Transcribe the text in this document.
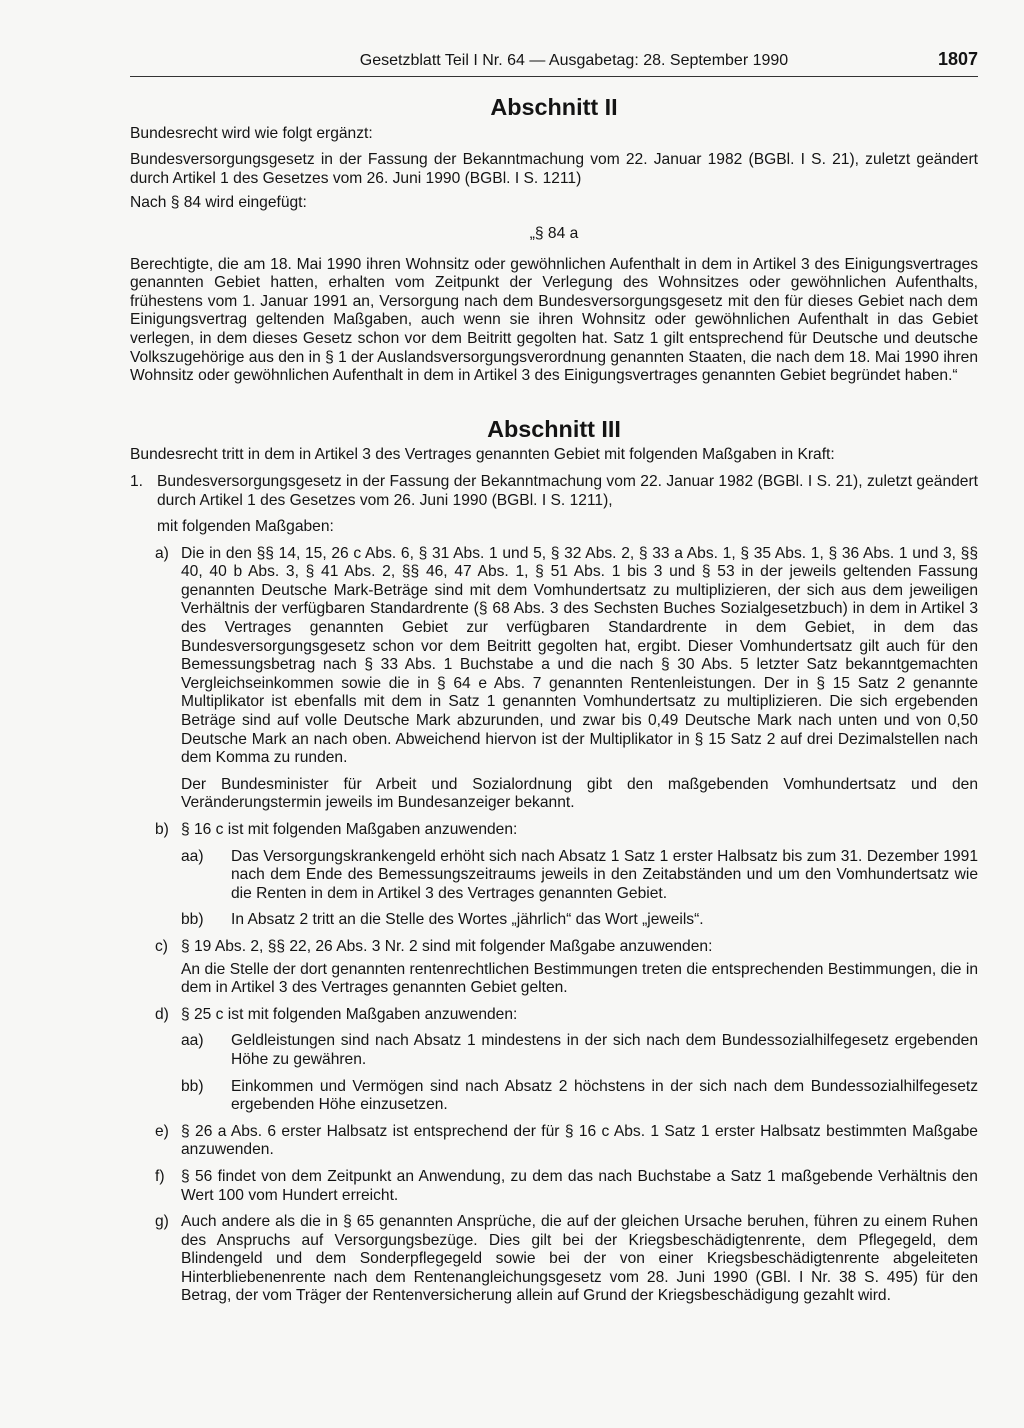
Gesetzblatt Teil I Nr. 64 — Ausgabetag: 28. September 1990	1807
Abschnitt II

Bundesrecht wird wie folgt ergänzt:

Bundesversorgungsgesetz in der Fassung der Bekanntmachung vom 22. Januar 1982 (BGBl. I S. 21), zuletzt geändert durch Artikel 1 des Gesetzes vom 26. Juni 1990 (BGBl. I S. 1211)

Nach § 84 wird eingefügt:

„§ 84 a

Berechtigte, die am 18. Mai 1990 ihren Wohnsitz oder gewöhnlichen Aufenthalt in dem in Artikel 3 des Einigungsvertrages genannten Gebiet hatten, erhalten vom Zeitpunkt der Verlegung des Wohnsitzes oder gewöhnlichen Aufenthalts, frühestens vom 1. Januar 1991 an, Versorgung nach dem Bundesversorgungsgesetz mit den für dieses Gebiet nach dem Einigungsvertrag geltenden Maßgaben, auch wenn sie ihren Wohnsitz oder gewöhnlichen Aufenthalt in das Gebiet verlegen, in dem dieses Gesetz schon vor dem Beitritt gegolten hat. Satz 1 gilt entsprechend für Deutsche und deutsche Volkszugehörige aus den in § 1 der Auslandsversorgungsverordnung genannten Staaten, die nach dem 18. Mai 1990 ihren Wohnsitz oder gewöhnlichen Aufenthalt in dem in Artikel 3 des Einigungsvertrages genannten Gebiet begründet haben.“

Abschnitt III

Bundesrecht tritt in dem in Artikel 3 des Vertrages genannten Gebiet mit folgenden Maßgaben in Kraft:

1. Bundesversorgungsgesetz in der Fassung der Bekanntmachung vom 22. Januar 1982 (BGBl. I S. 21), zuletzt geändert durch Artikel 1 des Gesetzes vom 26. Juni 1990 (BGBl. I S. 1211),

mit folgenden Maßgaben:

a) Die in den §§ 14, 15, 26 c Abs. 6, § 31 Abs. 1 und 5, § 32 Abs. 2, § 33 a Abs. 1, § 35 Abs. 1, § 36 Abs. 1 und 3, §§ 40, 40 b Abs. 3, § 41 Abs. 2, §§ 46, 47 Abs. 1, § 51 Abs. 1 bis 3 und § 53 in der jeweils geltenden Fassung genannten Deutsche Mark-Beträge sind mit dem Vomhundertsatz zu multiplizieren, der sich aus dem jeweiligen Verhältnis der verfügbaren Standardrente (§ 68 Abs. 3 des Sechsten Buches Sozialgesetzbuch) in dem in Artikel 3 des Vertrages genannten Gebiet zur verfügbaren Standardrente in dem Gebiet, in dem das Bundesversorgungsgesetz schon vor dem Beitritt gegolten hat, ergibt. Dieser Vomhundertsatz gilt auch für den Bemessungsbetrag nach § 33 Abs. 1 Buchstabe a und die nach § 30 Abs. 5 letzter Satz bekanntgemachten Vergleichseinkommen sowie die in § 64 e Abs. 7 genannten Rentenleistungen. Der in § 15 Satz 2 genannte Multiplikator ist ebenfalls mit dem in Satz 1 genannten Vomhundertsatz zu multiplizieren. Die sich ergebenden Beträge sind auf volle Deutsche Mark abzurunden, und zwar bis 0,49 Deutsche Mark nach unten und von 0,50 Deutsche Mark an nach oben. Abweichend hiervon ist der Multiplikator in § 15 Satz 2 auf drei Dezimalstellen nach dem Komma zu runden.

Der Bundesminister für Arbeit und Sozialordnung gibt den maßgebenden Vomhundertsatz und den Veränderungstermin jeweils im Bundesanzeiger bekannt.

b) § 16 c ist mit folgenden Maßgaben anzuwenden:

aa) Das Versorgungskrankengeld erhöht sich nach Absatz 1 Satz 1 erster Halbsatz bis zum 31. Dezember 1991 nach dem Ende des Bemessungszeitraums jeweils in den Zeitabständen und um den Vomhundertsatz wie die Renten in dem in Artikel 3 des Vertrages genannten Gebiet.

bb) In Absatz 2 tritt an die Stelle des Wortes „jährlich“ das Wort „jeweils“.

c) § 19 Abs. 2, §§ 22, 26 Abs. 3 Nr. 2 sind mit folgender Maßgabe anzuwenden:

An die Stelle der dort genannten rentenrechtlichen Bestimmungen treten die entsprechenden Bestimmungen, die in dem in Artikel 3 des Vertrages genannten Gebiet gelten.

d) § 25 c ist mit folgenden Maßgaben anzuwenden:

aa) Geldleistungen sind nach Absatz 1 mindestens in der sich nach dem Bundessozialhilfegesetz ergebenden Höhe zu gewähren.

bb) Einkommen und Vermögen sind nach Absatz 2 höchstens in der sich nach dem Bundessozialhilfegesetz ergebenden Höhe einzusetzen.

e) § 26 a Abs. 6 erster Halbsatz ist entsprechend der für § 16 c Abs. 1 Satz 1 erster Halbsatz bestimmten Maßgabe anzuwenden.

f) § 56 findet von dem Zeitpunkt an Anwendung, zu dem das nach Buchstabe a Satz 1 maßgebende Verhältnis den Wert 100 vom Hundert erreicht.

g) Auch andere als die in § 65 genannten Ansprüche, die auf der gleichen Ursache beruhen, führen zu einem Ruhen des Anspruchs auf Versorgungsbezüge. Dies gilt bei der Kriegsbeschädigtenrente, dem Pflegegeld, dem Blindengeld und dem Sonderpflegegeld sowie bei der von einer Kriegsbeschädigtenrente abgeleiteten Hinterbliebenenrente nach dem Rentenangleichungsgesetz vom 28. Juni 1990 (GBl. I Nr. 38 S. 495) für den Betrag, der vom Träger der Rentenversicherung allein auf Grund der Kriegsbeschädigung gezahlt wird.
